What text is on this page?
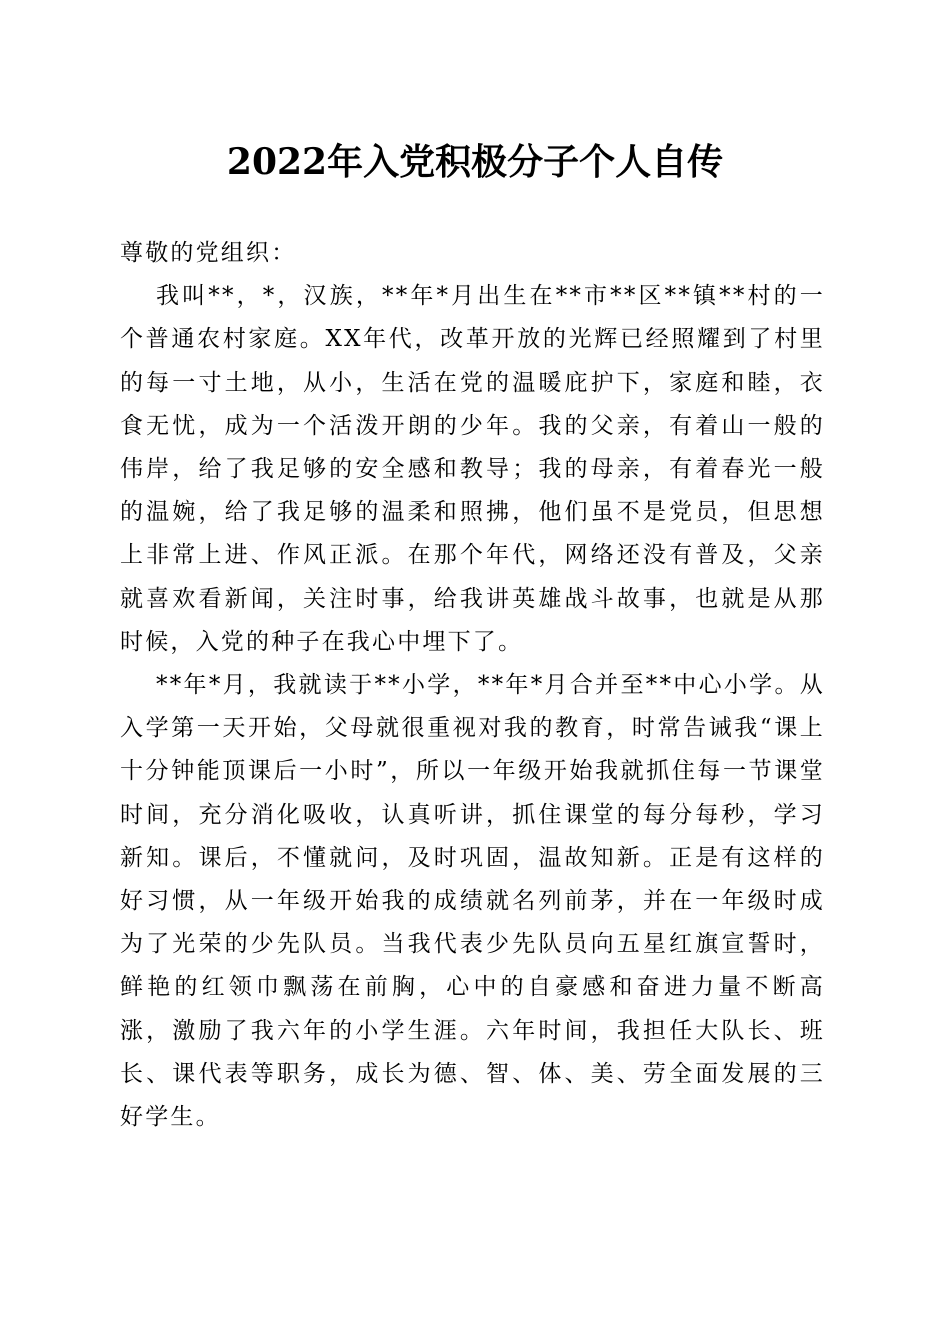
2022年入党积极分子个人自传

尊敬的党组织：

我叫**，*，汉族，**年*月出生在**市**区**镇**村的一个普通农村家庭。XX年代，改革开放的光辉已经照耀到了村里的每一寸土地，从小，生活在党的温暖庇护下，家庭和睦，衣食无忧，成为一个活泼开朗的少年。我的父亲，有着山一般的伟岸，给了我足够的安全感和教导；我的母亲，有着春光一般的温婉，给了我足够的温柔和照拂，他们虽不是党员，但思想上非常上进、作风正派。在那个年代，网络还没有普及，父亲就喜欢看新闻，关注时事，给我讲英雄战斗故事，也就是从那时候，入党的种子在我心中埋下了。

**年*月，我就读于**小学，**年*月合并至**中心小学。从入学第一天开始，父母就很重视对我的教育，时常告诫我“课上十分钟能顶课后一小时”，所以一年级开始我就抓住每一节课堂时间，充分消化吸收，认真听讲，抓住课堂的每分每秒，学习新知。课后，不懂就问，及时巩固，温故知新。正是有这样的好习惯，从一年级开始我的成绩就名列前茅，并在一年级时成为了光荣的少先队员。当我代表少先队员向五星红旗宣誓时，鲜艳的红领巾飘荡在前胸，心中的自豪感和奋进力量不断高涨，激励了我六年的小学生涯。六年时间，我担任大队长、班长、课代表等职务，成长为德、智、体、美、劳全面发展的三好学生。
